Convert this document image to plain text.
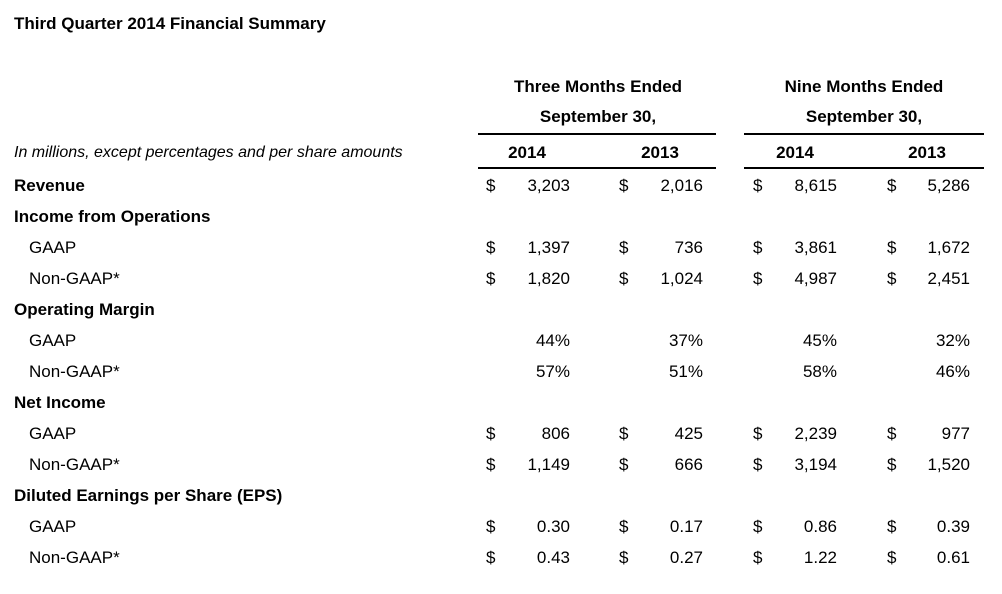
Third Quarter 2014 Financial Summary
Three Months Ended
September 30,
Nine Months Ended
September 30,
In millions, except percentages and per share amounts	2014	2013	2014	2013
Revenue	$	3,203	$	2,016	$	8,615	$	5,286
Income from Operations
GAAP	$	1,397	$	736	$	3,861	$	1,672
Non-GAAP*	$	1,820	$	1,024	$	4,987	$	2,451
Operating Margin
GAAP	44%	37%	45%	32%
Non-GAAP*	57%	51%	58%	46%
Net Income
GAAP	$	806	$	425	$	2,239	$	977
Non-GAAP*	$	1,149	$	666	$	3,194	$	1,520
Diluted Earnings per Share (EPS)
GAAP	$	0.30	$	0.17	$	0.86	$	0.39
Non-GAAP*	$	0.43	$	0.27	$	1.22	$	0.61
